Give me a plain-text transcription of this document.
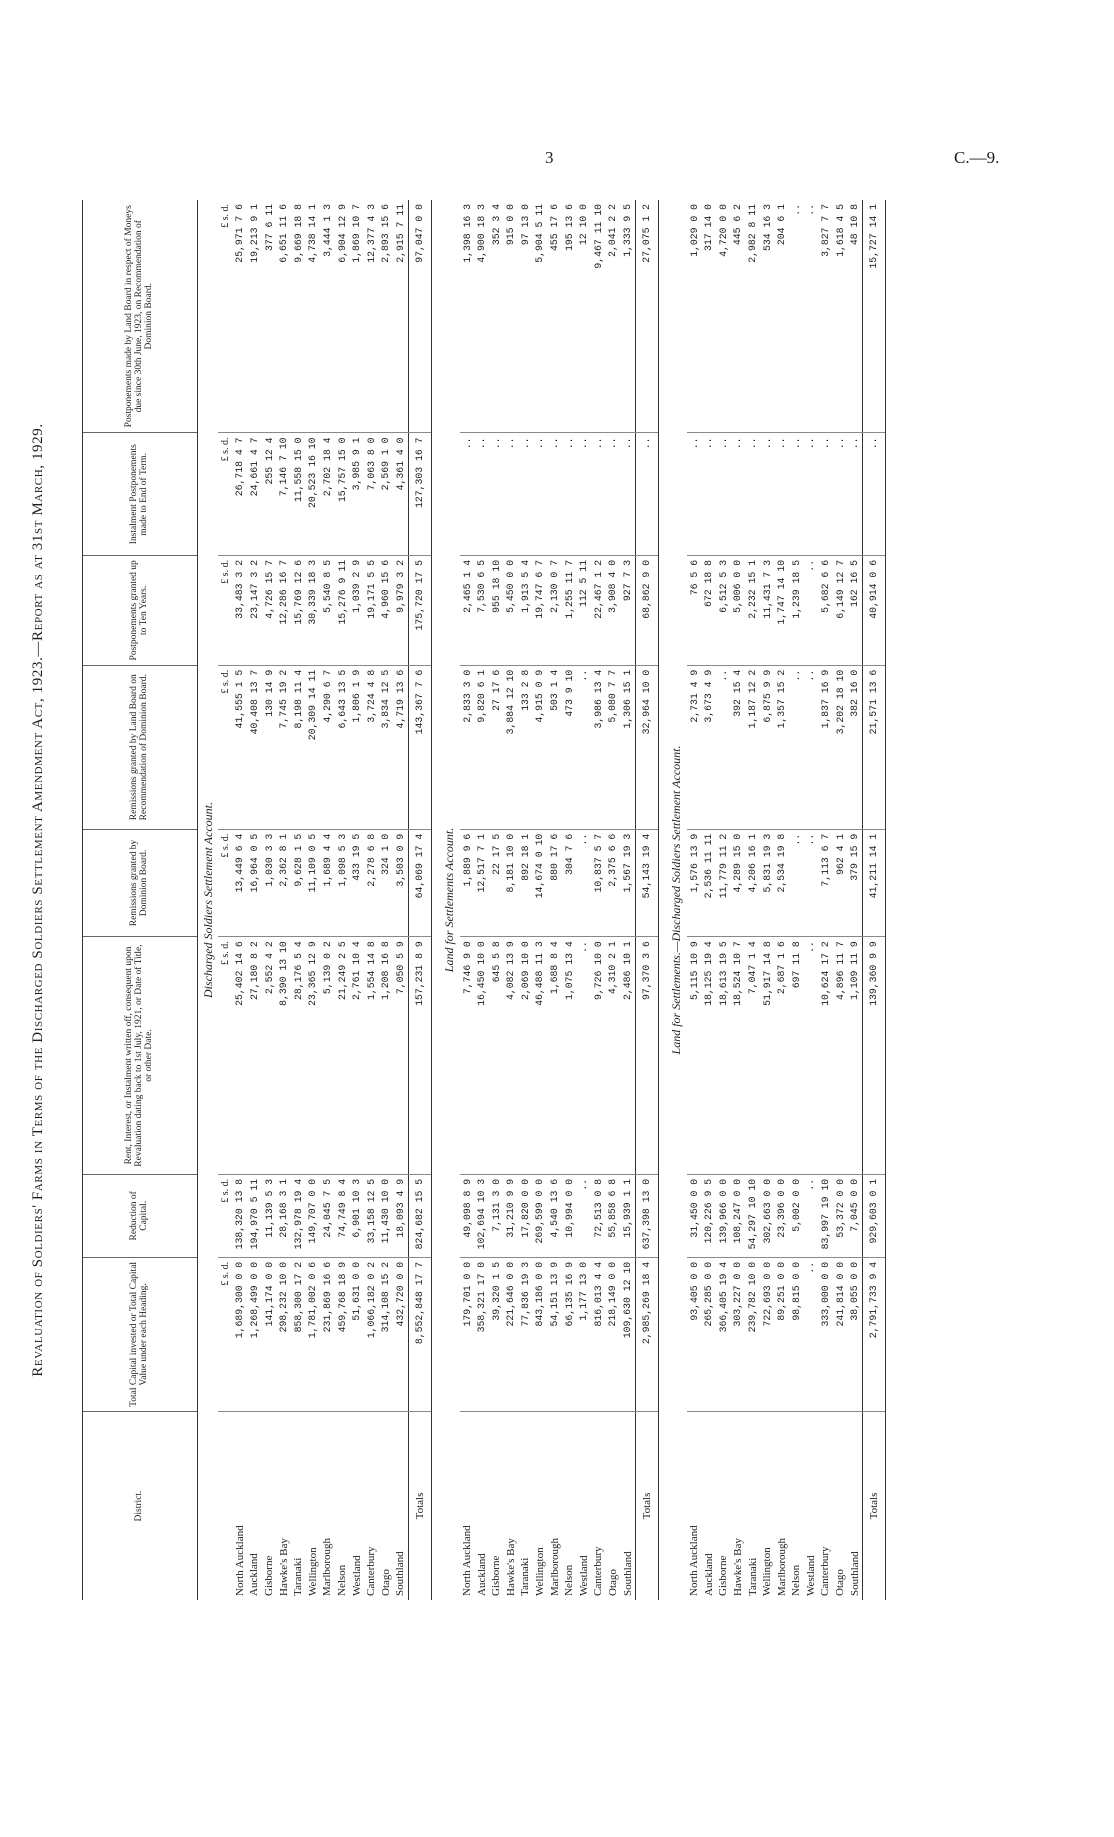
3	C.—9.
Revaluation of Soldiers' Farms in Terms of the Discharged Soldiers Settlement Amendment Act, 1923.—Report as at 31st March, 1929.
District.	Total Capital invested or Total Capital Value under each Heading.	Reduction of Capital.	Rent, Interest, or Instalment written off, consequent upon Revaluation dating back to 1st July, 1921, or Date of Title, or other Date.	Remissions granted by Dominion Board.	Remissions granted by Land Board on Recommendation of Dominion Board.	Postponements granted up to Ten Years.	Instalment Postponements made to End of Term.	Postponements made by Land Board in respect of Moneys due since 30th June, 1923, on Recommendation of Dominion Board.
Discharged Soldiers Settlement Account.								
	£ s. d.	£ s. d.	£ s. d.	£ s. d.	£ s. d.	£ s. d.	£ s. d.	£ s. d.
North Auckland	1,689,300 0 0	138,320 13 8	25,402 14 6	13,449 6 4	41,555 1 5	33,483 3 2	26,718 4 7	25,971 7 6
Auckland	1,268,499 0 0	194,970 5 11	27,180 8 2	16,964 0 5	40,408 13 7	23,147 3 2	24,661 4 7	19,213 9 1
Gisborne	141,174 0 0	11,139 5 3	2,552 4 2	1,030 3 3	130 14 9	4,726 15 7	255 12 4	377 6 11
Hawke's Bay	298,232 10 0	28,168 3 1	8,390 13 10	2,362 8 1	7,745 19 2	12,286 16 7	7,146 7 10	6,651 11 6
Taranaki	858,300 17 2	132,978 19 4	28,176 5 4	9,628 1 5	8,198 11 4	15,769 12 6	11,558 15 0	9,669 18 8
Wellington	1,781,002 0 6	149,707 0 0	23,365 12 9	11,109 0 5	20,309 14 11	30,339 18 3	20,523 16 10	4,738 14 1
Marlborough	231,869 16 6	24,045 7 5	5,139 0 2	1,689 4 4	4,290 6 7	5,540 8 5	2,702 18 4	3,444 1 3
Nelson	459,768 18 9	74,749 8 4	21,249 2 5	1,098 5 3	6,643 13 5	15,276 9 11	15,757 15 0	6,904 12 9
Westland	51,631 0 0	6,901 10 3	2,761 10 4	433 19 5	1,806 1 9	1,039 2 9	3,985 9 1	1,869 10 7
Canterbury	1,066,182 0 2	33,158 12 5	1,554 14 8	2,278 6 8	3,724 4 8	19,171 5 5	7,063 8 0	12,377 4 3
Otago	314,108 15 2	11,430 10 0	1,208 16 8	324 1 0	3,834 12 5	4,960 15 6	2,569 1 0	2,893 15 6
Southland	432,720 0 0	18,093 4 9	7,050 5 9	3,503 0 9	4,719 13 6	9,979 3 2	4,361 4 0	2,915 7 11
Totals	8,552,848 17 7	824,682 15 5	157,231 8 9	64,069 17 4	143,367 7 6	175,720 17 5	127,303 16 7	97,047 0 0

Land for Settlements Account.								
North Auckland	179,701 0 0	49,098 8 9	7,746 9 0	1,889 9 6	2,833 3 0	2,465 1 4	..	1,398 16 3
Auckland	358,321 17 0	102,694 10 3	16,450 10 0	12,517 7 1	9,820 6 1	7,530 6 5	..	4,900 18 3
Gisborne	39,320 1 5	7,131 3 0	645 5 8	22 17 5	27 17 6	955 18 10	..	352 3 4
Hawke's Bay	221,646 0 0	31,210 9 9	4,082 13 9	8,181 10 0	3,884 12 10	5,450 0 0	..	915 0 0
Taranaki	77,836 19 3	17,820 0 0	2,069 10 0	892 18 1	133 2 8	1,913 5 4	..	97 13 0
Wellington	843,186 0 0	269,599 0 0	46,488 11 3	14,674 0 10	4,915 0 9	19,747 6 7	..	5,904 5 11
Marlborough	54,151 13 9	4,540 13 6	1,688 8 4	880 17 6	503 1 4	2,130 0 7	..	455 17 6
Nelson	66,135 16 9	10,994 0 0	1,075 13 4	304 7 6	473 9 10	1,255 11 7	..	195 13 6
Westland	1,177 13 0	..	..	..	..	112 5 11	..	12 10 0
Canterbury	816,013 4 4	72,513 0 8	9,726 10 0	10,837 5 7	3,986 13 4	22,467 1 2	..	9,467 11 10
Otago	218,149 0 0	55,858 6 8	4,310 2 1	2,375 6 6	5,080 7 7	3,908 4 0	..	2,041 2 2
Southland	109,630 12 10	15,939 1 1	2,486 10 1	1,567 19 3	1,306 15 1	927 7 3	..	1,333 9 5
Totals	2,985,269 18 4	637,398 13 0	97,370 3 6	54,143 19 4	32,964 10 0	68,862 9 0	..	27,075 1 2

Land for Settlements.—Discharged Soldiers Settlement Account.								
North Auckland	93,405 0 0	31,450 0 0	5,115 10 9	1,576 13 9	2,731 4 9	76 5 6	..	1,029 0 0
Auckland	265,285 0 0	120,226 9 5	18,125 19 4	2,536 11 11	3,673 4 9	672 18 8	..	317 14 0
Gisborne	366,405 19 4	139,966 0 0	18,613 19 5	11,779 11 2	..	6,512 5 3	..	4,720 0 0
Hawke's Bay	303,227 0 0	108,247 0 0	18,524 10 7	4,289 15 0	392 15 4	5,006 0 0	..	445 6 2
Taranaki	239,782 10 0	54,297 10 10	7,047 1 4	4,206 16 1	1,187 12 2	2,232 15 1	..	2,982 8 11
Wellington	722,693 0 0	302,663 0 0	51,917 14 8	5,831 19 3	6,875 9 9	11,431 7 3	..	534 16 3
Marlborough	89,251 0 0	23,396 0 0	2,687 1 6	2,534 19 8	1,357 15 2	1,747 14 10	..	204 6 1
Nelson	98,815 0 0	5,002 0 0	697 11 8	..	..	1,239 18 5	..	..
Westland	..	..	..	..	..	..	..	..
Canterbury	333,000 0 0	83,997 19 10	10,624 17 2	7,113 6 7	1,837 16 9	5,682 6 6	..	3,827 7 7
Otago	241,814 0 0	53,372 0 0	4,896 11 7	962 4 1	3,202 18 10	6,149 12 7	..	1,618 4 5
Southland	38,055 0 0	7,045 0 0	1,109 11 9	379 15 9	382 16 0	162 16 5	..	48 10 8
Totals	2,791,733 9 4	929,603 0 1	139,360 9 9	41,211 14 1	21,571 13 6	40,914 0 6	..	15,727 14 1
